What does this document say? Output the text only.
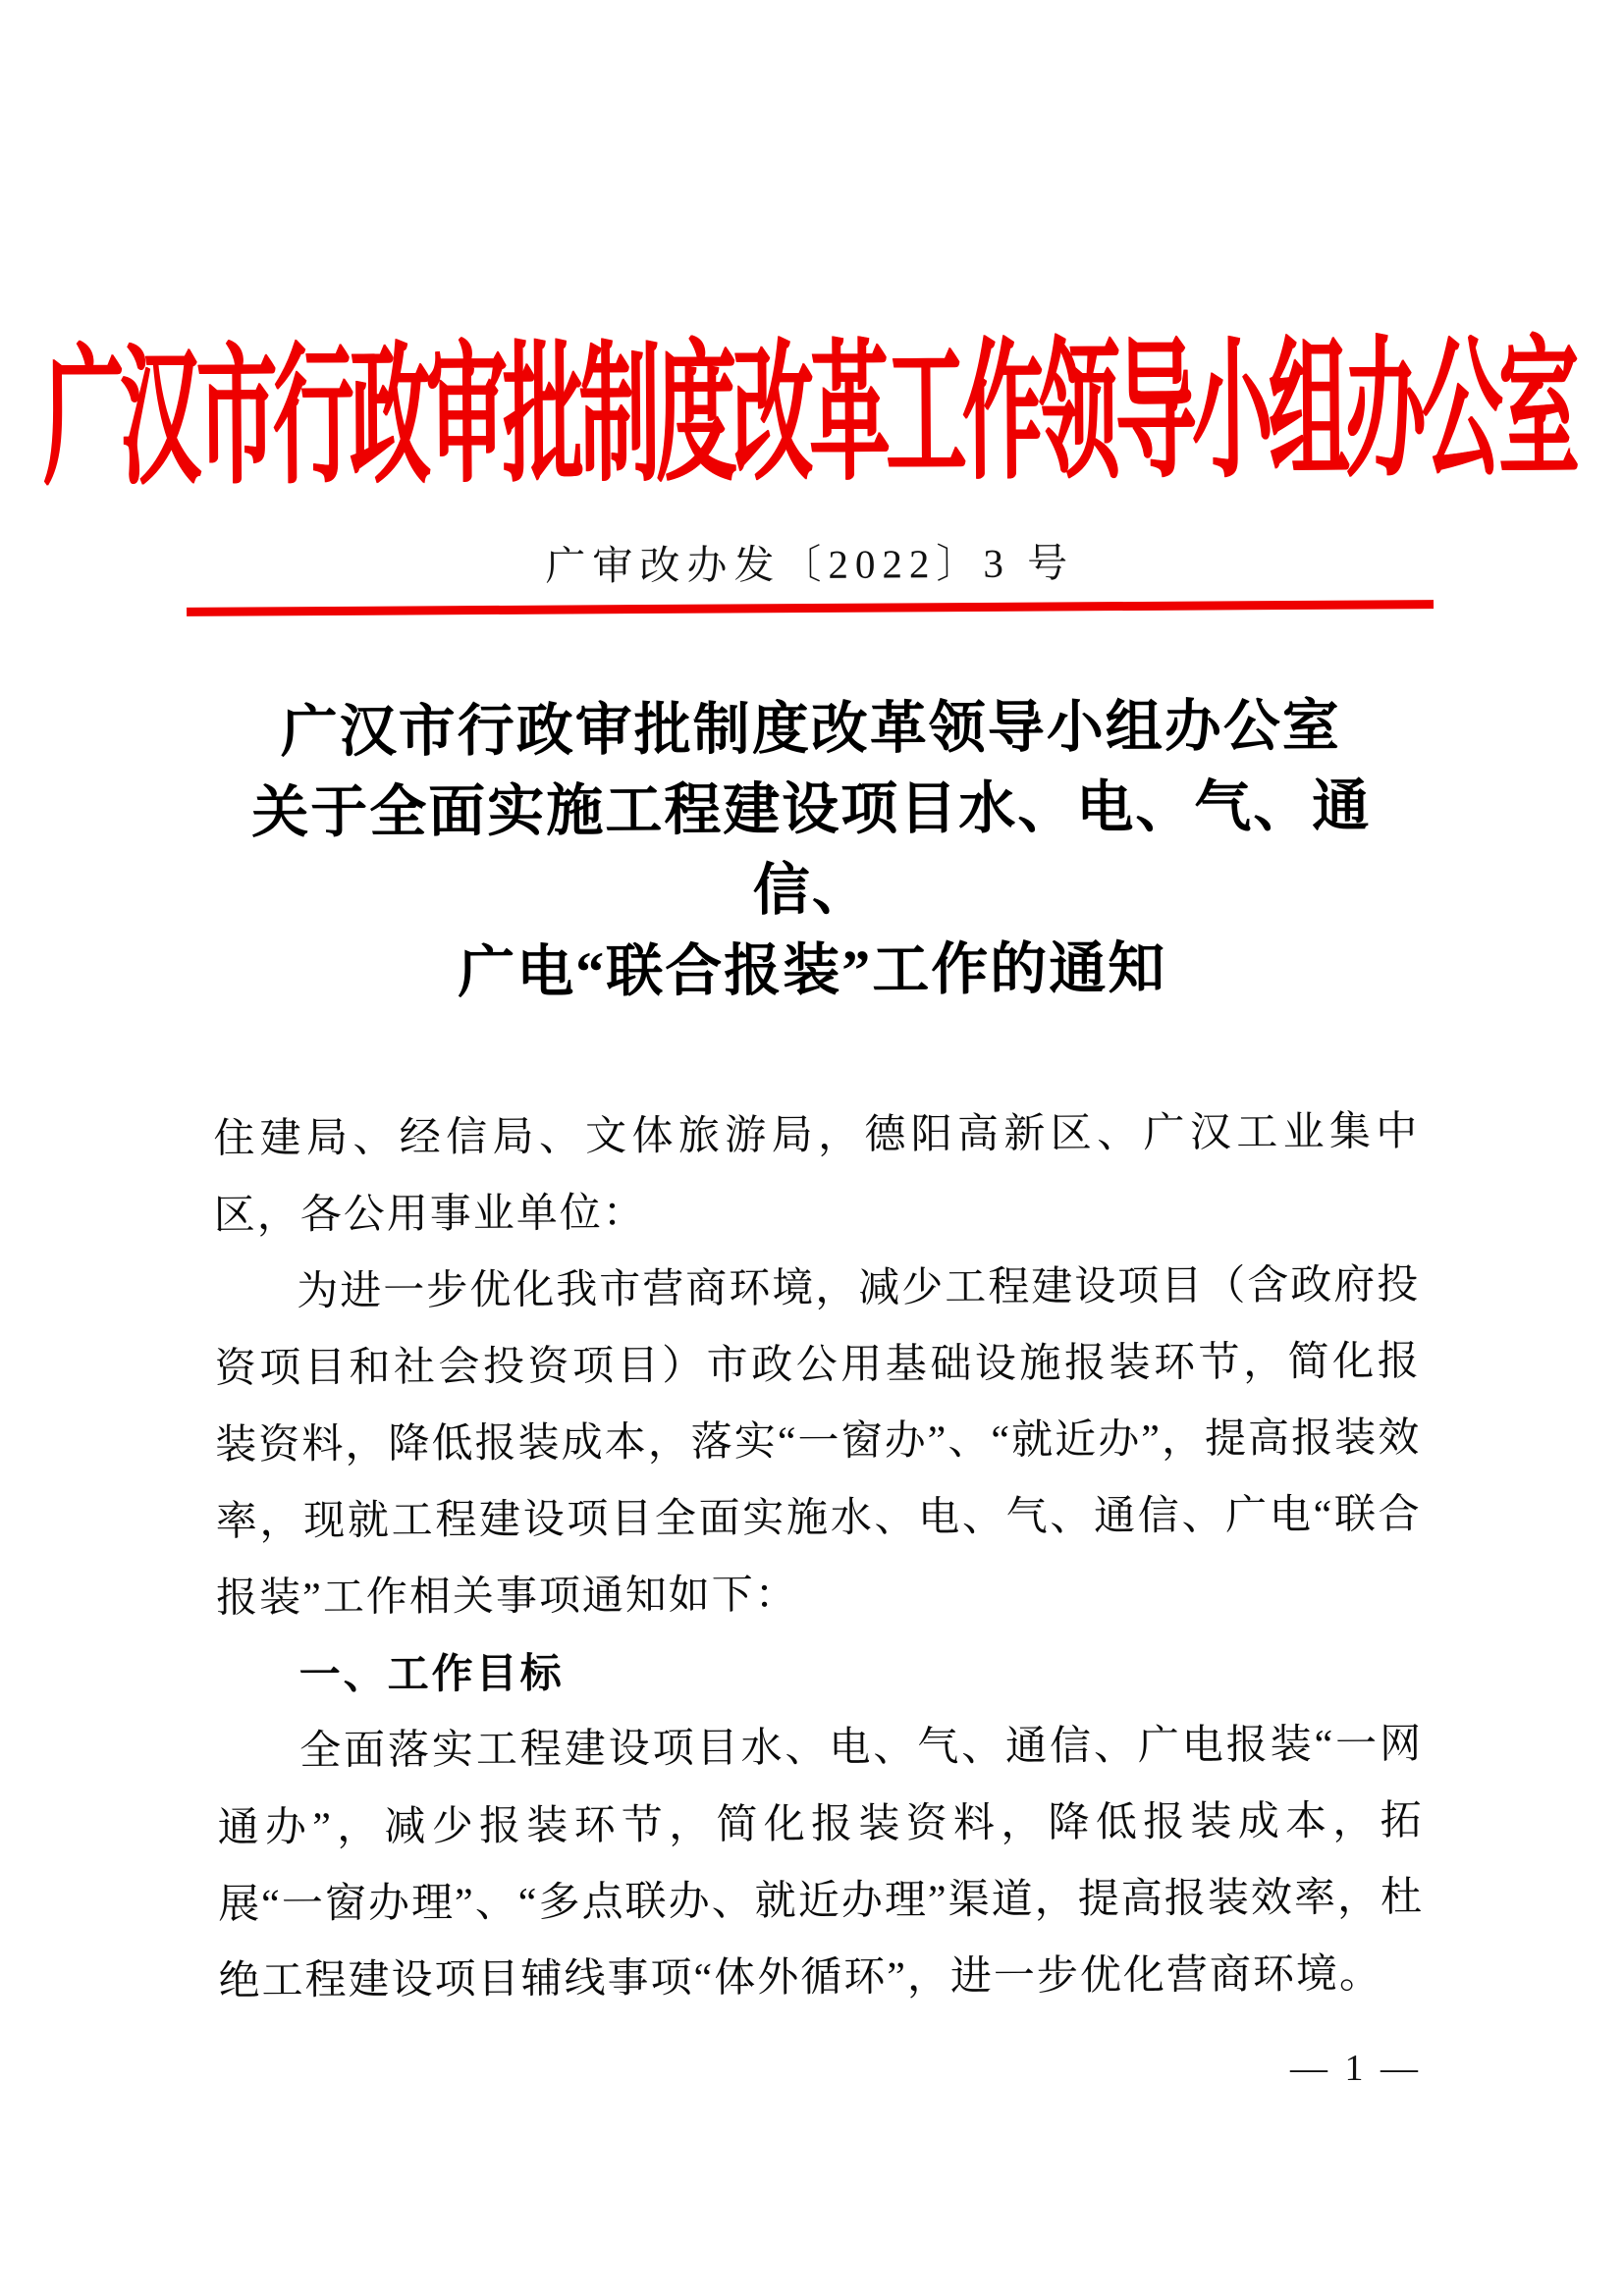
广汉市行政审批制度改革工作领导小组办公室
广审改办发〔2022〕3 号
广汉市行政审批制度改革领导小组办公室
关于全面实施工程建设项目水、电、气、通信、
广电“联合报装”工作的通知

住建局、经信局、文体旅游局，德阳高新区、广汉工业集中区，各公用事业单位：

为进一步优化我市营商环境，减少工程建设项目（含政府投资项目和社会投资项目）市政公用基础设施报装环节，简化报装资料，降低报装成本，落实“一窗办”、“就近办”，提高报装效率，现就工程建设项目全面实施水、电、气、通信、广电“联合报装”工作相关事项通知如下：

一、工作目标

全面落实工程建设项目水、电、气、通信、广电报装“一网通办”，减少报装环节，简化报装资料，降低报装成本，拓展“一窗办理”、“多点联办、就近办理”渠道，提高报装效率，杜绝工程建设项目辅线事项“体外循环”，进一步优化营商环境。

— 1 —
